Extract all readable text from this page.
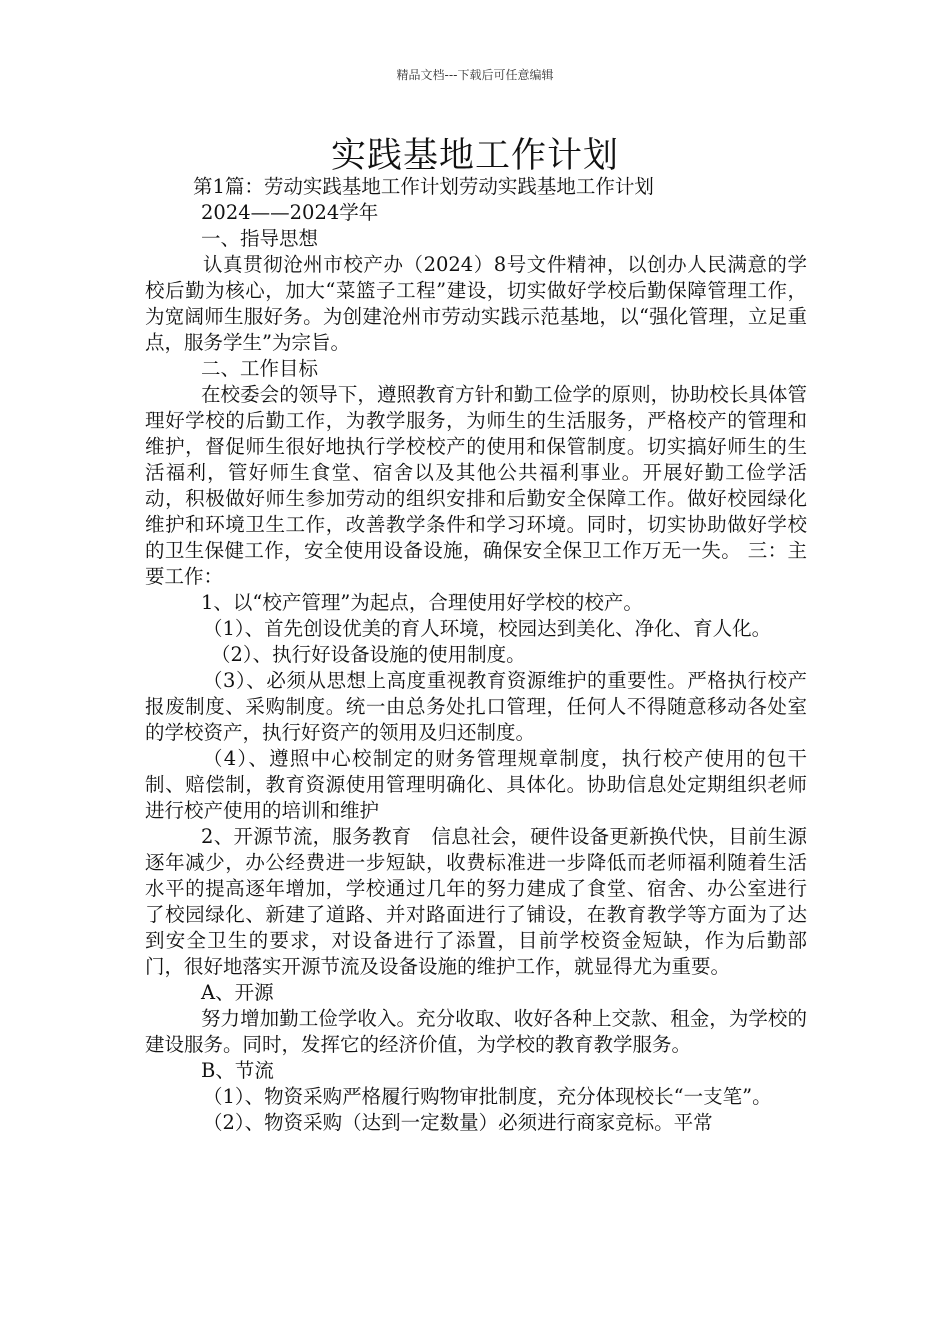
精品文档---下载后可任意编辑
实践基地工作计划

第1篇：劳动实践基地工作计划劳动实践基地工作计划

2024——2024学年

一、指导思想

认真贯彻沧州市校产办（2024）8号文件精神，以创办人民满意的学校后勤为核心，加大“菜篮子工程”建设，切实做好学校后勤保障管理工作，为宽阔师生服好务。为创建沧州市劳动实践示范基地，以“强化管理，立足重点，服务学生”为宗旨。

二、工作目标

在校委会的领导下，遵照教育方针和勤工俭学的原则，协助校长具体管理好学校的后勤工作，为教学服务，为师生的生活服务，严格校产的管理和维护，督促师生很好地执行学校校产的使用和保管制度。切实搞好师生的生活福利，管好师生食堂、宿舍以及其他公共福利事业。开展好勤工俭学活动，积极做好师生参加劳动的组织安排和后勤安全保障工作。做好校园绿化维护和环境卫生工作，改善教学条件和学习环境。同时，切实协助做好学校的卫生保健工作，安全使用设备设施，确保安全保卫工作万无一失。 三：主要工作：

1、以“校产管理”为起点，合理使用好学校的校产。

（1）、首先创设优美的育人环境，校园达到美化、净化、育人化。

（2）、执行好设备设施的使用制度。

（3）、必须从思想上高度重视教育资源维护的重要性。严格执行校产报废制度、采购制度。统一由总务处扎口管理，任何人不得随意移动各处室的学校资产，执行好资产的领用及归还制度。

（4）、遵照中心校制定的财务管理规章制度，执行校产使用的包干制、赔偿制，教育资源使用管理明确化、具体化。协助信息处定期组织老师进行校产使用的培训和维护

2、开源节流，服务教育　信息社会，硬件设备更新换代快，目前生源逐年减少，办公经费进一步短缺，收费标准进一步降低而老师福利随着生活水平的提高逐年增加，学校通过几年的努力建成了食堂、宿舍、办公室进行了校园绿化、新建了道路、并对路面进行了铺设，在教育教学等方面为了达到安全卫生的要求，对设备进行了添置，目前学校资金短缺，作为后勤部门，很好地落实开源节流及设备设施的维护工作，就显得尤为重要。

A、开源

努力增加勤工俭学收入。充分收取、收好各种上交款、租金，为学校的建设服务。同时，发挥它的经济价值，为学校的教育教学服务。

B、节流

（1）、物资采购严格履行购物审批制度，充分体现校长“一支笔”。

（2）、物资采购（达到一定数量）必须进行商家竞标。平常
